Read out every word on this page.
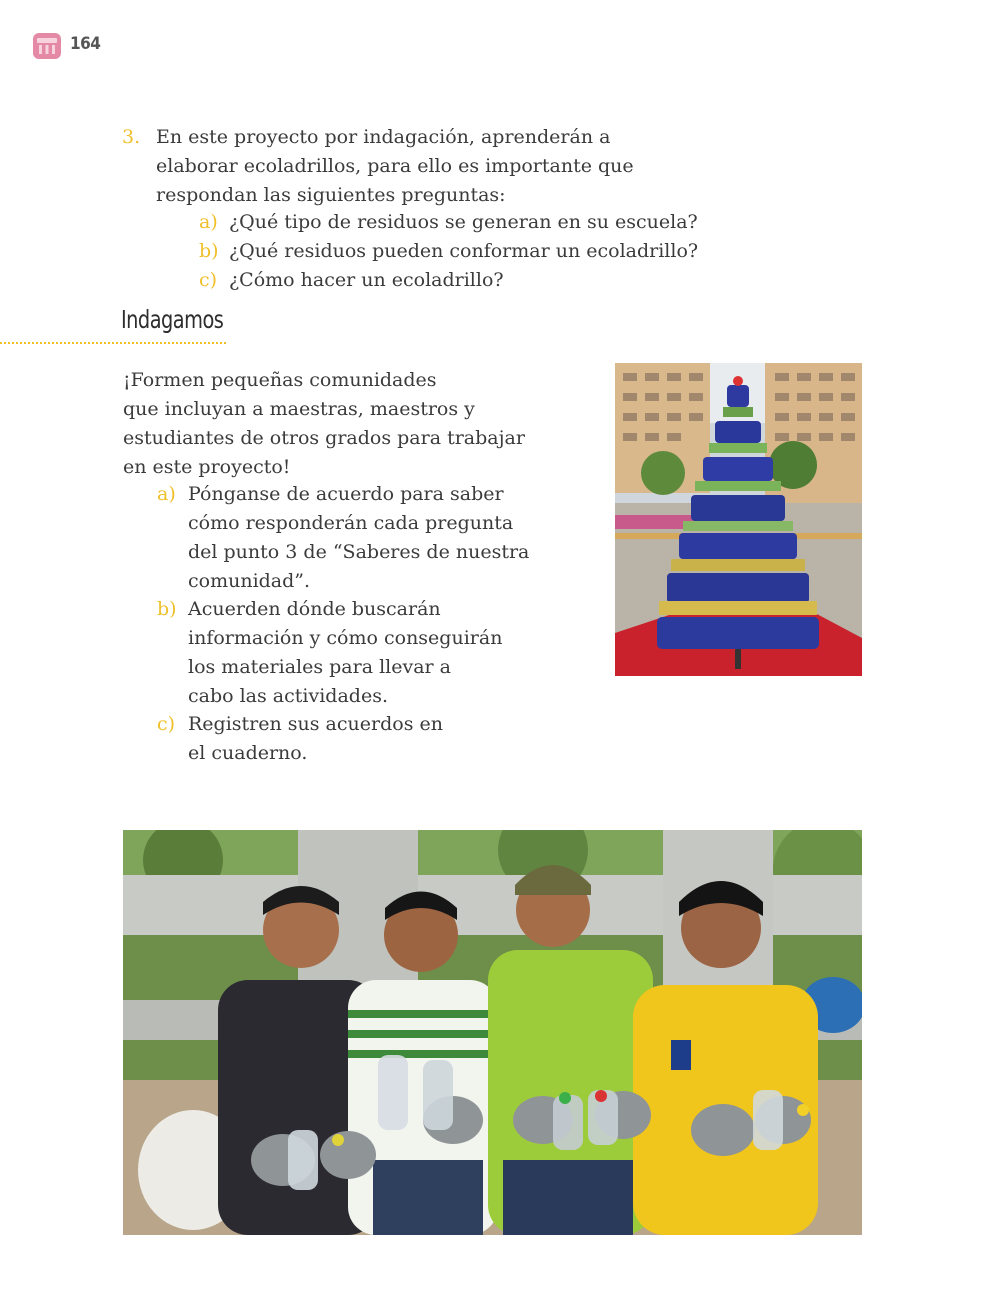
164
3. En este proyecto por indagación, aprenderán a
elaborar ecoladrillos, para ello es importante que
respondan las siguientes preguntas:
a) ¿Qué tipo de residuos se generan en su escuela?
b) ¿Qué residuos pueden conformar un ecoladrillo?
c) ¿Cómo hacer un ecoladrillo?
Indagamos
¡Formen pequeñas comunidades
que incluyan a maestras, maestros y
estudiantes de otros grados para trabajar
en este proyecto!
a) Pónganse de acuerdo para saber
cómo responderán cada pregunta
del punto 3 de “Saberes de nuestra
comunidad”.
b) Acuerden dónde buscarán
información y cómo conseguirán
los materiales para llevar a
cabo las actividades.
c) Registren sus acuerdos en
el cuaderno.
